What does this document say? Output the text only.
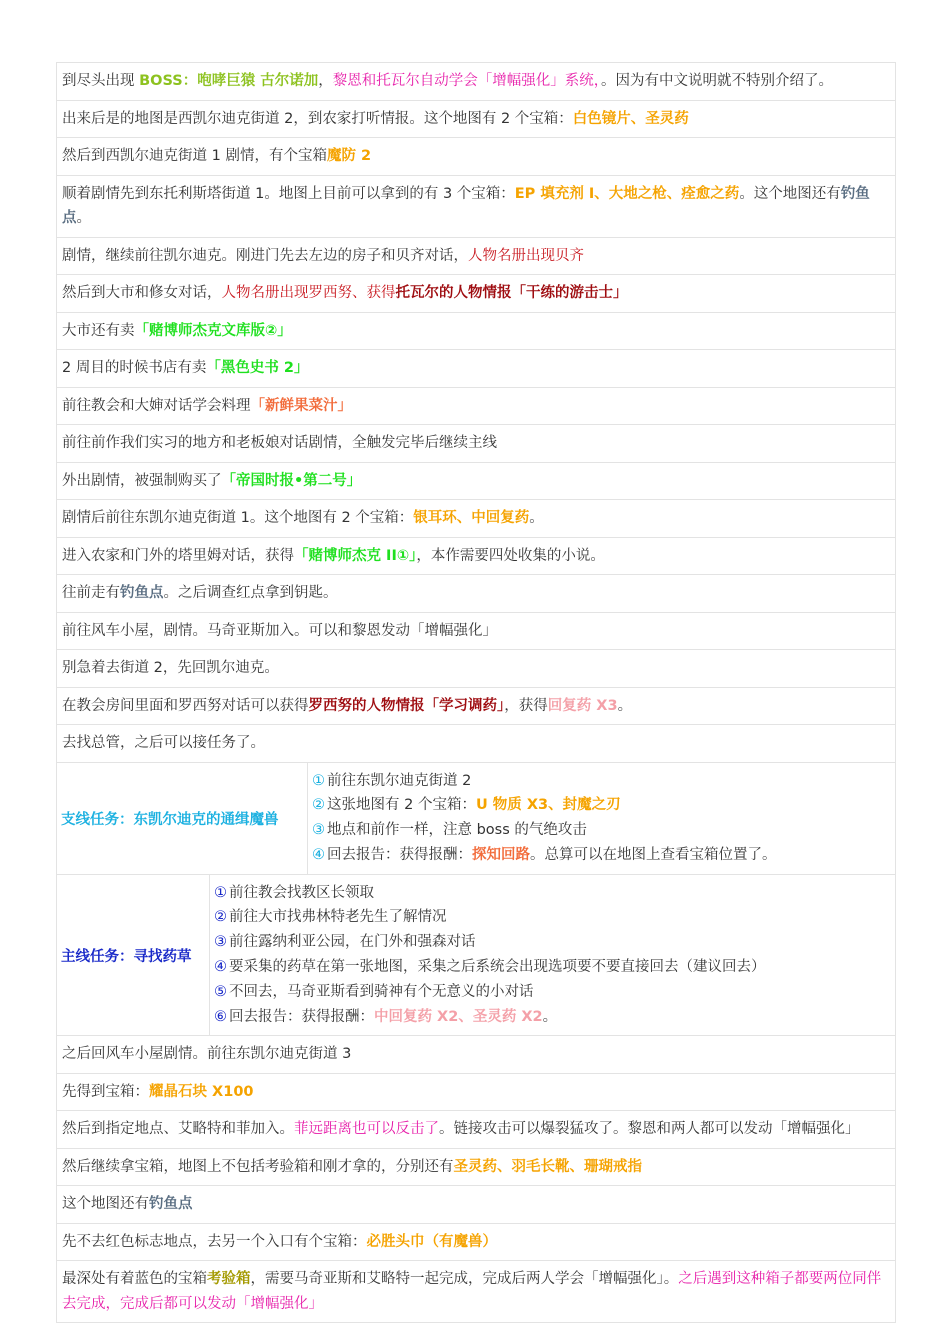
到尽头出现 BOSS：咆哮巨猿 古尔诺加，黎恩和托瓦尔自动学会「增幅强化」系统，。因为有中文说明就不特别介绍了。
出来后是的地图是西凯尔迪克街道 2，到农家打听情报。这个地图有 2 个宝箱：白色镜片、圣灵药
然后到西凯尔迪克街道 1 剧情，有个宝箱魔防 2
顺着剧情先到东托利斯塔街道 1。地图上目前可以拿到的有 3 个宝箱：EP 填充剂 I、大地之枪、痊愈之药。这个地图还有钓鱼点。
剧情，继续前往凯尔迪克。刚进门先去左边的房子和贝齐对话，人物名册出现贝齐
然后到大市和修女对话，人物名册出现罗西努、获得托瓦尔的人物情报「干练的游击士」
大市还有卖「赌博师杰克文库版②」
2 周目的时候书店有卖「黑色史书 2」
前往教会和大婶对话学会料理「新鲜果菜汁」
前往前作我们实习的地方和老板娘对话剧情，全触发完毕后继续主线
外出剧情，被强制购买了「帝国时报•第二号」
剧情后前往东凯尔迪克街道 1。这个地图有 2 个宝箱：银耳环、中回复药。
进入农家和门外的塔里姆对话，获得「赌博师杰克 II①」，本作需要四处收集的小说。
往前走有钓鱼点。之后调查红点拿到钥匙。
前往风车小屋，剧情。马奇亚斯加入。可以和黎恩发动「增幅强化」
别急着去街道 2，先回凯尔迪克。
在教会房间里面和罗西努对话可以获得罗西努的人物情报「学习调药」，获得回复药 X3。
去找总管，之后可以接任务了。
支线任务：东凯尔迪克的通缉魔兽
① 前往东凯尔迪克街道 2
② 这张地图有 2 个宝箱：U 物质 X3、封魔之刃
③ 地点和前作一样，注意 boss 的气绝攻击
④ 回去报告：获得报酬：探知回路。总算可以在地图上查看宝箱位置了。
主线任务：寻找药草
① 前往教会找教区长领取
② 前往大市找弗林特老先生了解情况
③ 前往露纳利亚公园，在门外和强森对话
④ 要采集的药草在第一张地图，采集之后系统会出现选项要不要直接回去（建议回去）
⑤ 不回去，马奇亚斯看到骑神有个无意义的小对话
⑥ 回去报告：获得报酬：中回复药 X2、圣灵药 X2。
之后回风车小屋剧情。前往东凯尔迪克街道 3
先得到宝箱：耀晶石块 X100
然后到指定地点、艾略特和菲加入。菲远距离也可以反击了。链接攻击可以爆裂猛攻了。黎恩和两人都可以发动「增幅强化」
然后继续拿宝箱，地图上不包括考验箱和刚才拿的，分别还有圣灵药、羽毛长靴、珊瑚戒指
这个地图还有钓鱼点
先不去红色标志地点，去另一个入口有个宝箱：必胜头巾（有魔兽）
最深处有着蓝色的宝箱考验箱，需要马奇亚斯和艾略特一起完成，完成后两人学会「增幅强化」。之后遇到这种箱子都要两位同伴去完成，完成后都可以发动「增幅强化」
